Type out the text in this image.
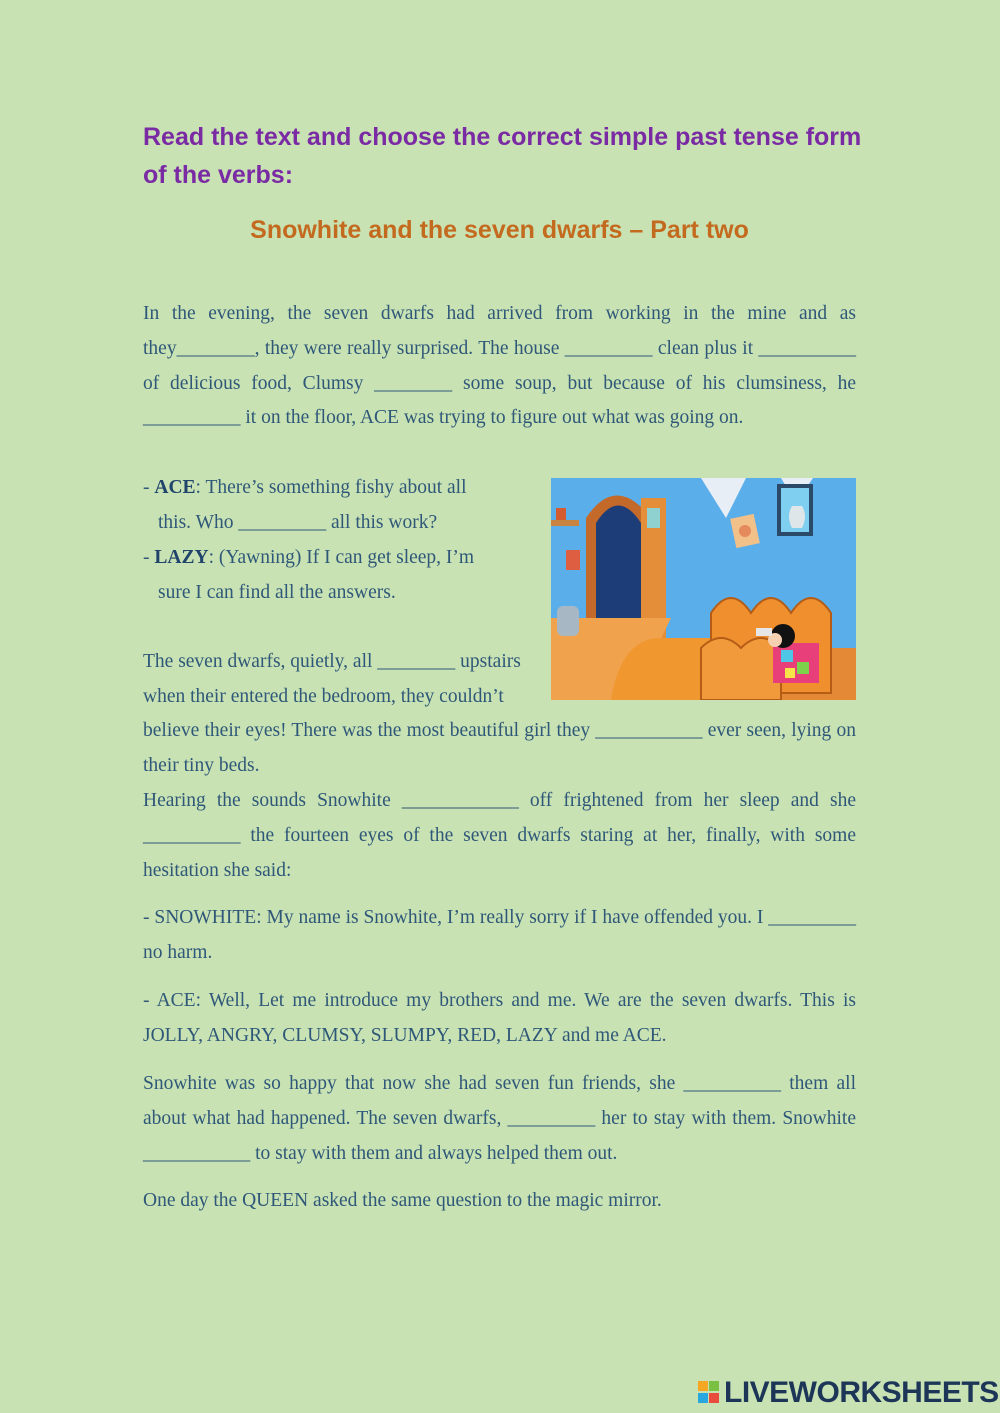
Read the text and choose the correct simple past tense form of the verbs:
Snowhite and the seven dwarfs – Part two
In the evening, the seven dwarfs had arrived from working in the mine and as they________, they were really surprised. The house _________ clean plus it __________ of delicious food, Clumsy ________ some soup, but because of his clumsiness, he __________ it on the floor, ACE was trying to figure out what was going on.
- ACE: There’s something fishy about all
this. Who _________ all this work?
- LAZY: (Yawning) If I can get sleep, I’m
sure I can find all the answers.
The seven dwarfs, quietly, all ________ upstairs
when their entered the bedroom, they couldn’t
believe their eyes! There was the most beautiful girl they ___________ ever seen, lying on their tiny beds.
Hearing the sounds Snowhite ____________ off frightened from her sleep and she __________ the fourteen eyes of the seven dwarfs staring at her, finally, with some hesitation she said:
- SNOWHITE: My name is Snowhite, I’m really sorry if I have offended you. I _________ no harm.
- ACE: Well, Let me introduce my brothers and me. We are the seven dwarfs. This is JOLLY, ANGRY, CLUMSY, SLUMPY, RED, LAZY and me ACE.
Snowhite was so happy that now she had seven fun friends, she __________ them all about what had happened. The seven dwarfs, _________ her to stay with them. Snowhite ___________ to stay with them and always helped them out.
One day the QUEEN asked the same question to the magic mirror.
LIVEWORKSHEETS
